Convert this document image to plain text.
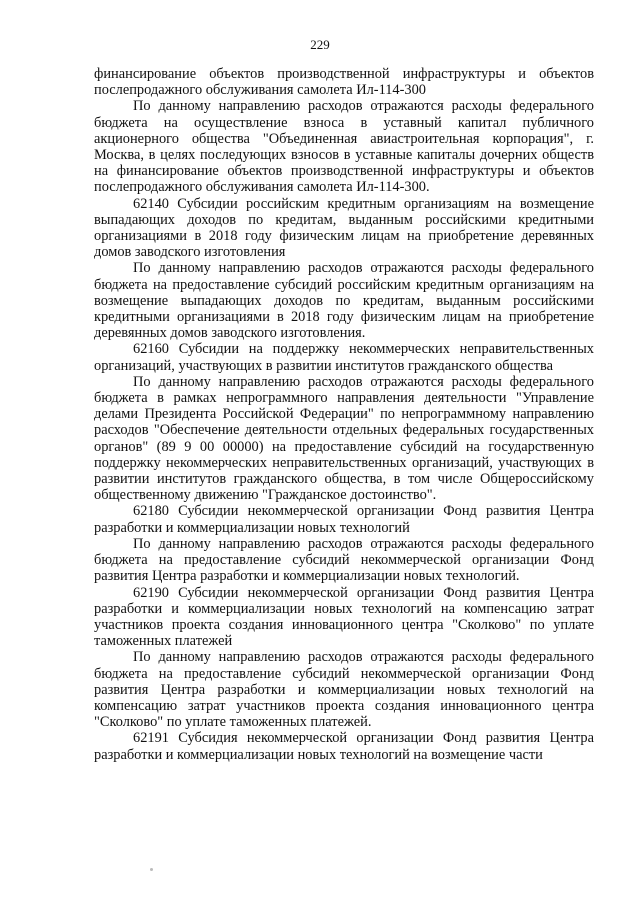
229

финансирование объектов производственной инфраструктуры и объектов послепродажного обслуживания самолета Ил-114-300

По данному направлению расходов отражаются расходы федерального бюджета на осуществление взноса в уставный капитал публичного акционерного общества "Объединенная авиастроительная корпорация", г. Москва, в целях последующих взносов в уставные капиталы дочерних обществ на финансирование объектов производственной инфраструктуры и объектов послепродажного обслуживания самолета Ил-114-300.

62140 Субсидии российским кредитным организациям на возмещение выпадающих доходов по кредитам, выданным российскими кредитными организациями в 2018 году физическим лицам на приобретение деревянных домов заводского изготовления

По данному направлению расходов отражаются расходы федерального бюджета на предоставление субсидий российским кредитным организациям на возмещение выпадающих доходов по кредитам, выданным российскими кредитными организациями в 2018 году физическим лицам на приобретение деревянных домов заводского изготовления.

62160 Субсидии на поддержку некоммерческих неправительственных организаций, участвующих в развитии институтов гражданского общества

По данному направлению расходов отражаются расходы федерального бюджета в рамках непрограммного направления деятельности "Управление делами Президента Российской Федерации" по непрограммному направлению расходов "Обеспечение деятельности отдельных федеральных государственных органов" (89 9 00 00000) на предоставление субсидий на государственную поддержку некоммерческих неправительственных организаций, участвующих в развитии институтов гражданского общества, в том числе Общероссийскому общественному движению "Гражданское достоинство".

62180 Субсидии некоммерческой организации Фонд развития Центра разработки и коммерциализации новых технологий

По данному направлению расходов отражаются расходы федерального бюджета на предоставление субсидий некоммерческой организации Фонд развития Центра разработки и коммерциализации новых технологий.

62190 Субсидии некоммерческой организации Фонд развития Центра разработки и коммерциализации новых технологий на компенсацию затрат участников проекта создания инновационного центра "Сколково" по уплате таможенных платежей

По данному направлению расходов отражаются расходы федерального бюджета на предоставление субсидий некоммерческой организации Фонд развития Центра разработки и коммерциализации новых технологий на компенсацию затрат участников проекта создания инновационного центра "Сколково" по уплате таможенных платежей.

62191 Субсидия некоммерческой организации Фонд развития Центра разработки и коммерциализации новых технологий на возмещение части
